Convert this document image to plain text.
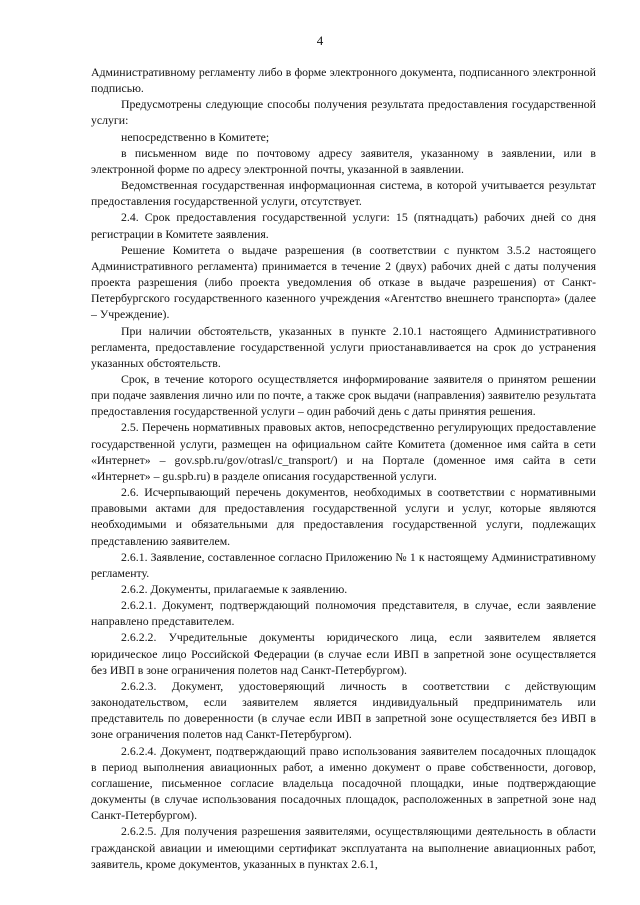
4

Административному регламенту либо в форме электронного документа, подписанного электронной подписью.

Предусмотрены следующие способы получения результата предоставления государственной услуги:

непосредственно в Комитете;

в письменном виде по почтовому адресу заявителя, указанному в заявлении, или в электронной форме по адресу электронной почты, указанной в заявлении.

Ведомственная государственная информационная система, в которой учитывается результат предоставления государственной услуги, отсутствует.

2.4. Срок предоставления государственной услуги: 15 (пятнадцать) рабочих дней со дня регистрации в Комитете заявления.

Решение Комитета о выдаче разрешения (в соответствии с пунктом 3.5.2 настоящего Административного регламента) принимается в течение 2 (двух) рабочих дней с даты получения проекта разрешения (либо проекта уведомления об отказе в выдаче разрешения) от Санкт-Петербургского государственного казенного учреждения «Агентство внешнего транспорта» (далее – Учреждение).

При наличии обстоятельств, указанных в пункте 2.10.1 настоящего Административного регламента, предоставление государственной услуги приостанавливается на срок до устранения указанных обстоятельств.

Срок, в течение которого осуществляется информирование заявителя о принятом решении при подаче заявления лично или по почте, а также срок выдачи (направления) заявителю результата предоставления государственной услуги – один рабочий день с даты принятия решения.

2.5. Перечень нормативных правовых актов, непосредственно регулирующих предоставление государственной услуги, размещен на официальном сайте Комитета (доменное имя сайта в сети «Интернет» – gov.spb.ru/gov/otrasl/c_transport/) и на Портале (доменное имя сайта в сети «Интернет» – gu.spb.ru) в разделе описания государственной услуги.

2.6. Исчерпывающий перечень документов, необходимых в соответствии с нормативными правовыми актами для предоставления государственной услуги и услуг, которые являются необходимыми и обязательными для предоставления государственной услуги, подлежащих представлению заявителем.

2.6.1. Заявление, составленное согласно Приложению № 1 к настоящему Административному регламенту.

2.6.2. Документы, прилагаемые к заявлению.

2.6.2.1. Документ, подтверждающий полномочия представителя, в случае, если заявление направлено представителем.

2.6.2.2. Учредительные документы юридического лица, если заявителем является юридическое лицо Российской Федерации (в случае если ИВП в запретной зоне осуществляется без ИВП в зоне ограничения полетов над Санкт-Петербургом).

2.6.2.3. Документ, удостоверяющий личность в соответствии с действующим законодательством, если заявителем является индивидуальный предприниматель или представитель по доверенности (в случае если ИВП в запретной зоне осуществляется без ИВП в зоне ограничения полетов над Санкт-Петербургом).

2.6.2.4. Документ, подтверждающий право использования заявителем посадочных площадок в период выполнения авиационных работ, а именно документ о праве собственности, договор, соглашение, письменное согласие владельца посадочной площадки, иные подтверждающие документы (в случае использования посадочных площадок, расположенных в запретной зоне над Санкт-Петербургом).

2.6.2.5. Для получения разрешения заявителями, осуществляющими деятельность в области гражданской авиации и имеющими сертификат эксплуатанта на выполнение авиационных работ, заявитель, кроме документов, указанных в пунктах 2.6.1,
